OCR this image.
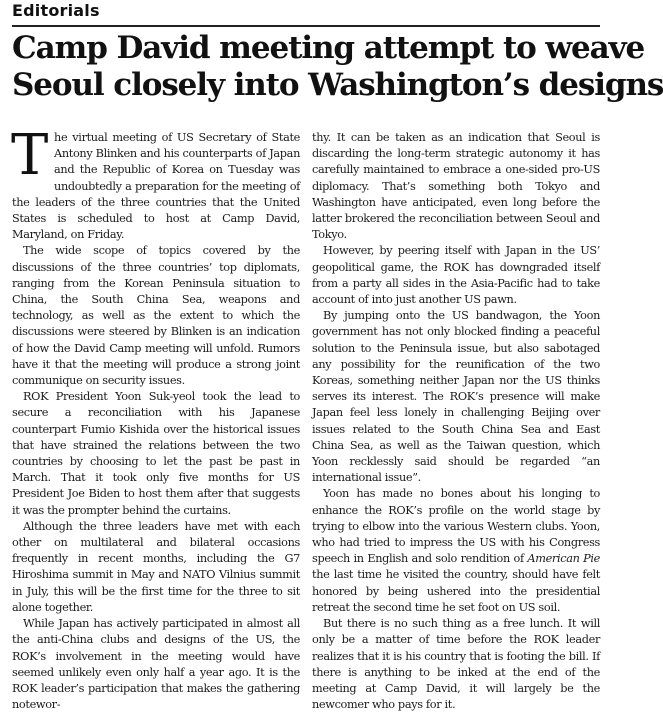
Editorials
Camp David meeting attempt to weave
Seoul closely into Washington’s designs

The virtual meeting of US Secretary of State Antony Blinken and his counterparts of Japan and the Republic of Korea on Tuesday was undoubtedly a preparation for the meeting of the leaders of the three countries that the United States is scheduled to host at Camp David, Maryland, on Friday.

The wide scope of topics covered by the discussions of the three countries’ top diplomats, ranging from the Korean Peninsula situation to China, the South China Sea, weapons and technology, as well as the extent to which the discussions were steered by Blinken is an indication of how the David Camp meeting will unfold. Rumors have it that the meeting will produce a strong joint communique on security issues.

ROK President Yoon Suk-yeol took the lead to secure a reconciliation with his Japanese counterpart Fumio Kishida over the historical issues that have strained the relations between the two countries by choosing to let the past be past in March. That it took only five months for US President Joe Biden to host them after that suggests it was the prompter behind the curtains.

Although the three leaders have met with each other on multilateral and bilateral occasions frequently in recent months, including the G7 Hiroshima summit in May and NATO Vilnius summit in July, this will be the first time for the three to sit alone together.

While Japan has actively participated in almost all the anti-China clubs and designs of the US, the ROK’s involvement in the meeting would have seemed unlikely even only half a year ago. It is the ROK leader’s participation that makes the gathering notewor-

thy. It can be taken as an indication that Seoul is discarding the long-term strategic autonomy it has carefully maintained to embrace a one-sided pro-US diplomacy. That’s something both Tokyo and Washington have anticipated, even long before the latter brokered the reconciliation between Seoul and Tokyo.

However, by peering itself with Japan in the US’ geopolitical game, the ROK has downgraded itself from a party all sides in the Asia-Pacific had to take account of into just another US pawn.

By jumping onto the US bandwagon, the Yoon government has not only blocked finding a peaceful solution to the Peninsula issue, but also sabotaged any possibility for the reunification of the two Koreas, something neither Japan nor the US thinks serves its interest. The ROK’s presence will make Japan feel less lonely in challenging Beijing over issues related to the South China Sea and East China Sea, as well as the Taiwan question, which Yoon recklessly said should be regarded “an international issue”.

Yoon has made no bones about his longing to enhance the ROK’s profile on the world stage by trying to elbow into the various Western clubs. Yoon, who had tried to impress the US with his Congress speech in English and solo rendition of American Pie the last time he visited the country, should have felt honored by being ushered into the presidential retreat the second time he set foot on US soil.

But there is no such thing as a free lunch. It will only be a matter of time before the ROK leader realizes that it is his country that is footing the bill. If there is anything to be inked at the end of the meeting at Camp David, it will largely be the newcomer who pays for it.
